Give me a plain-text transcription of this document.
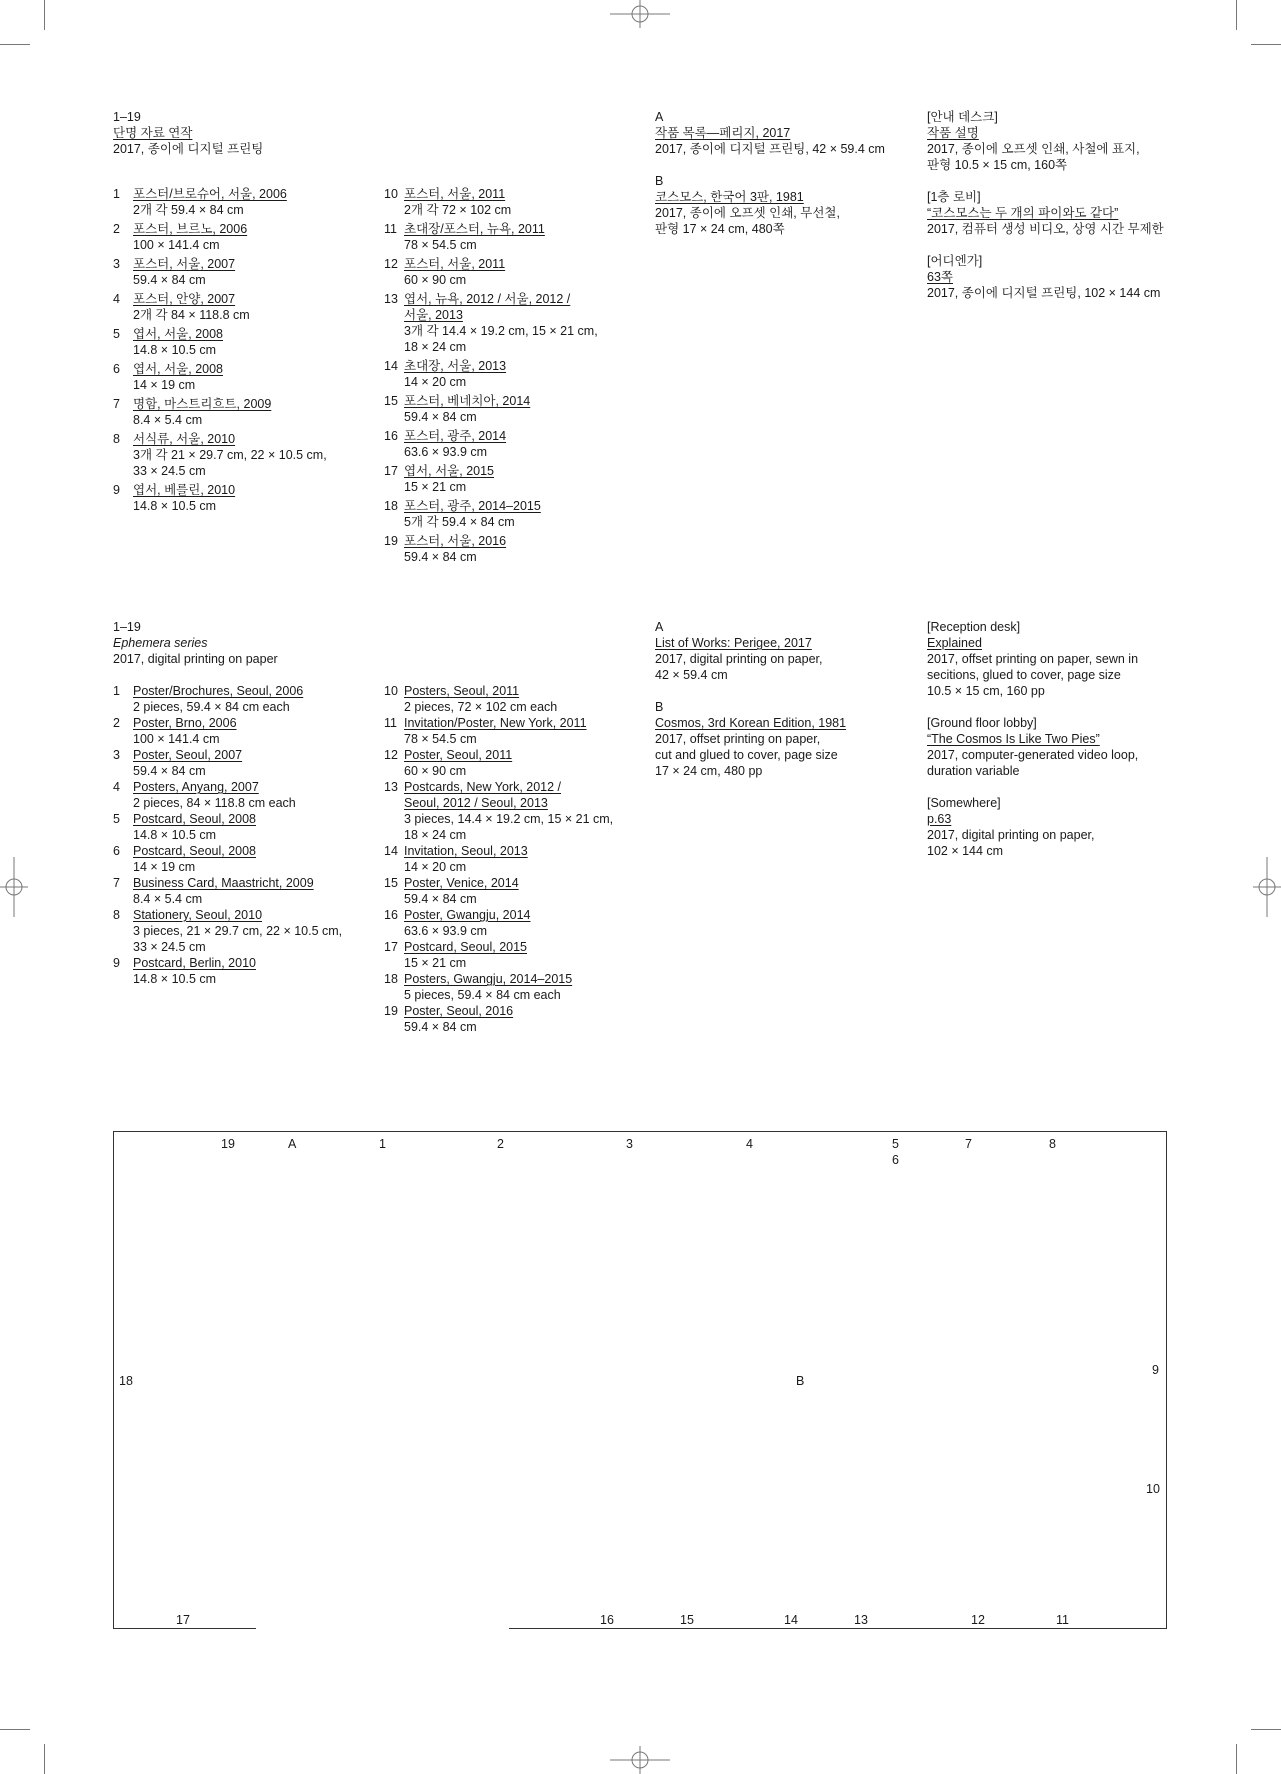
1–19
단명 자료 연작
2017, 종이에 디지털 프린팅
1 포스터/브로슈어, 서울, 2006
2개 각 59.4 × 84 cm
2 포스터, 브르노, 2006
100 × 141.4 cm
3 포스터, 서울, 2007
59.4 × 84 cm
4 포스터, 안양, 2007
2개 각 84 × 118.8 cm
5 엽서, 서울, 2008
14.8 × 10.5 cm
6 엽서, 서울, 2008
14 × 19 cm
7 명함, 마스트리흐트, 2009
8.4 × 5.4 cm
8 서식류, 서울, 2010
3개 각 21 × 29.7 cm, 22 × 10.5 cm,
33 × 24.5 cm
9 엽서, 베를린, 2010
14.8 × 10.5 cm
10 포스터, 서울, 2011
2개 각 72 × 102 cm
11 초대장/포스터, 뉴욕, 2011
78 × 54.5 cm
12 포스터, 서울, 2011
60 × 90 cm
13 엽서, 뉴욕, 2012 / 서울, 2012 /
서울, 2013
3개 각 14.4 × 19.2 cm, 15 × 21 cm,
18 × 24 cm
14 초대장, 서울, 2013
14 × 20 cm
15 포스터, 베네치아, 2014
59.4 × 84 cm
16 포스터, 광주, 2014
63.6 × 93.9 cm
17 엽서, 서울, 2015
15 × 21 cm
18 포스터, 광주, 2014–2015
5개 각 59.4 × 84 cm
19 포스터, 서울, 2016
59.4 × 84 cm
A
작품 목록—페리지, 2017
2017, 종이에 디지털 프린팅, 42 × 59.4 cm
B
코스모스, 한국어 3판, 1981
2017, 종이에 오프셋 인쇄, 무선철,
판형 17 × 24 cm, 480쪽
[안내 데스크]
작품 설명
2017, 종이에 오프셋 인쇄, 사철에 표지,
판형 10.5 × 15 cm, 160쪽
[1층 로비]
“코스모스는 두 개의 파이와도 같다”
2017, 컴퓨터 생성 비디오, 상영 시간 무제한
[어디엔가]
63쪽
2017, 종이에 디지털 프린팅, 102 × 144 cm
1–19
Ephemera series
2017, digital printing on paper
1 Poster/Brochures, Seoul, 2006
2 pieces, 59.4 × 84 cm each
2 Poster, Brno, 2006
100 × 141.4 cm
3 Poster, Seoul, 2007
59.4 × 84 cm
4 Posters, Anyang, 2007
2 pieces, 84 × 118.8 cm each
5 Postcard, Seoul, 2008
14.8 × 10.5 cm
6 Postcard, Seoul, 2008
14 × 19 cm
7 Business Card, Maastricht, 2009
8.4 × 5.4 cm
8 Stationery, Seoul, 2010
3 pieces, 21 × 29.7 cm, 22 × 10.5 cm,
33 × 24.5 cm
9 Postcard, Berlin, 2010
14.8 × 10.5 cm
10 Posters, Seoul, 2011
2 pieces, 72 × 102 cm each
11 Invitation/Poster, New York, 2011
78 × 54.5 cm
12 Poster, Seoul, 2011
60 × 90 cm
13 Postcards, New York, 2012 /
Seoul, 2012 / Seoul, 2013
3 pieces, 14.4 × 19.2 cm, 15 × 21 cm,
18 × 24 cm
14 Invitation, Seoul, 2013
14 × 20 cm
15 Poster, Venice, 2014
59.4 × 84 cm
16 Poster, Gwangju, 2014
63.6 × 93.9 cm
17 Postcard, Seoul, 2015
15 × 21 cm
18 Posters, Gwangju, 2014–2015
5 pieces, 59.4 × 84 cm each
19 Poster, Seoul, 2016
59.4 × 84 cm
A
List of Works: Perigee, 2017
2017, digital printing on paper,
42 × 59.4 cm
B
Cosmos, 3rd Korean Edition, 1981
2017, offset printing on paper,
cut and glued to cover, page size
17 × 24 cm, 480 pp
[Reception desk]
Explained
2017, offset printing on paper, sewn in
secitions, glued to cover, page size
10.5 × 15 cm, 160 pp
[Ground floor lobby]
“The Cosmos Is Like Two Pies”
2017, computer-generated video loop,
duration variable
[Somewhere]
p.63
2017, digital printing on paper,
102 × 144 cm
19	A	1	2	3	4	5
6
7	8
9
10
11
12
13
14
15
16
17
18	B
